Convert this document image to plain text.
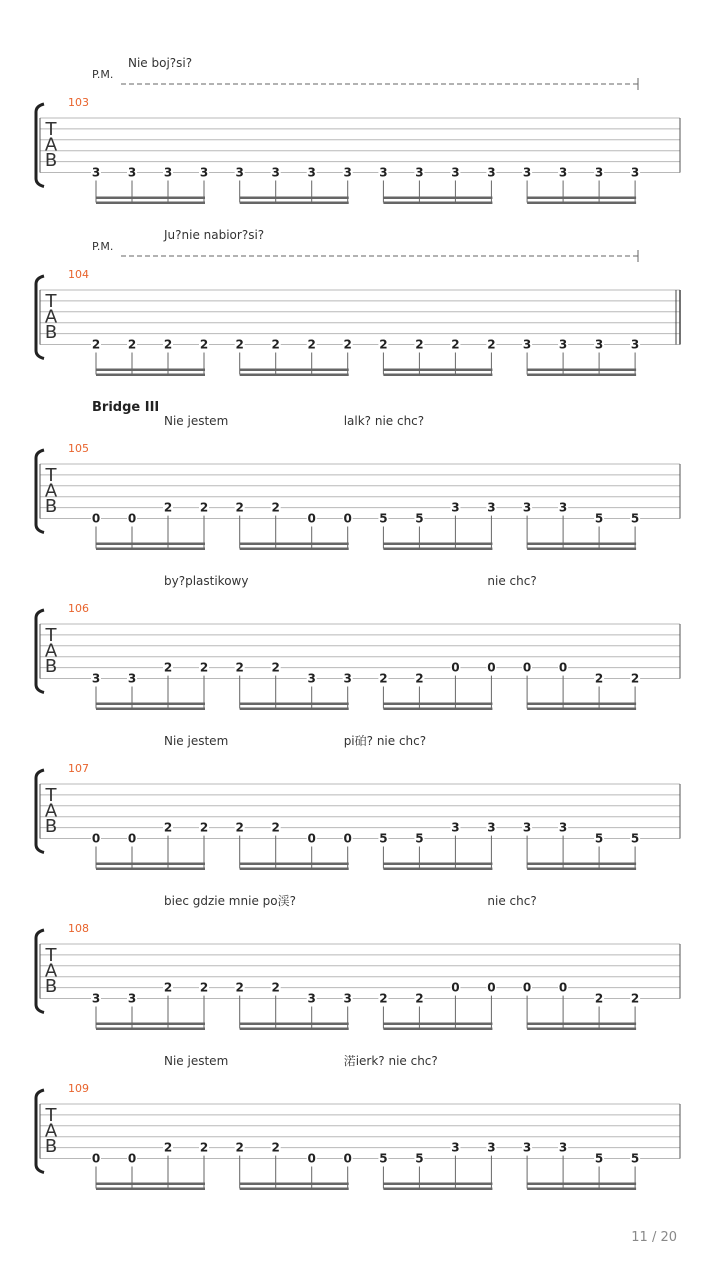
T
A
B
103
P.M.
Nie boj?si?
3 3 3 3 3 3 3 3 3 3 3 3 3 3 3 3
T
A
B
104
P.M.
Ju?nie nabior?si?
2 2 2 2 2 2 2 2 2 2 2 2 3 3 3 3
T
A
B
105
Bridge III
Nie jestem	lalk? nie chc?
0 0
2 2 2 2
0 0 5 5
3 3 3 3
5 5
T
A
B
106
by?plastikowy	nie chc?
3 3
2 2 2 2
3 3 2 2
0 0 0 0
2 2
T
A
B
107
Nie jestem	pi砶? nie chc?
0 0
2 2 2 2
0 0 5 5
3 3 3 3
5 5
T
A
B
108
biec gdzie mnie po渓?	nie chc?
3 3
2 2 2 2
3 3 2 2
0 0 0 0
2 2
T
A
B
109
Nie jestem	渃ierk? nie chc?
0 0
2 2 2 2
0 0 5 5
3 3 3 3
5 5
11 / 20
